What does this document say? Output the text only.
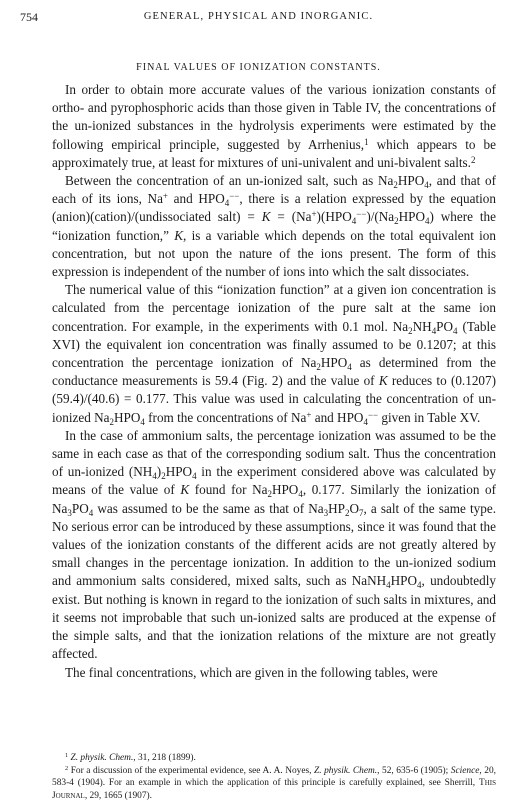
754	GENERAL, PHYSICAL AND INORGANIC.
FINAL VALUES OF IONIZATION CONSTANTS.

In order to obtain more accurate values of the various ionization constants of ortho- and pyrophosphoric acids than those given in Table IV, the concentrations of the un-ionized substances in the hydrolysis experiments were estimated by the following empirical principle, suggested by Arrhenius,$^1$ which appears to be approximately true, at least for mixtures of uni-univalent and uni-bivalent salts.$^2$

Between the concentration of an un-ionized salt, such as $Na_2HPO_4$, and that of each of its ions, Na+ and $HPO_4^{--}$, there is a relation expressed by the equation (anion)(cation)/(undissociated salt) = $K = (Na^+)(HPO_4^{--})/(Na_2HPO_4)$ where the “ionization function,” K, is a variable which depends on the total equivalent ion concentration, but not upon the nature of the ions present. The form of this expression is independent of the number of ions into which the salt dissociates.

The numerical value of this “ionization function” at a given ion concentration is calculated from the percentage ionization of the pure salt at the same ion concentration. For example, in the experiments with 0.1 mol. $Na_2NH_4PO_4$ (Table XVI) the equivalent ion concentration was finally assumed to be 0.1207; at this concentration the percentage ionization of $Na_2HPO_4$ as determined from the conductance measurements is 59.4 (Fig. 2) and the value of K reduces to (0.1207) (59.4)/(40.6) = 0.177. This value was used in calculating the concentration of un-ionized $Na_2HPO_4$ from the concentrations of Na+ and $HPO_4^{--}$ given in Table XV.

In the case of ammonium salts, the percentage ionization was assumed to be the same in each case as that of the corresponding sodium salt. Thus the concentration of un-ionized $(NH_4)_2HPO_4$ in the experiment considered above was calculated by means of the value of K found for $Na_2HPO_4$, 0.177. Similarly the ionization of $Na_3PO_4$ was assumed to be the same as that of $Na_3HP_2O_7$, a salt of the same type. No serious error can be introduced by these assumptions, since it was found that the values of the ionization constants of the different acids are not greatly altered by small changes in the percentage ionization. In addition to the un-ionized sodium and ammonium salts considered, mixed salts, such as $NaNH_4HPO_4$, undoubtedly exist. But nothing is known in regard to the ionization of such salts in mixtures, and it seems not improbable that such un-ionized salts are produced at the expense of the simple salts, and that the ionization relations of the mixture are not greatly affected.

The final concentrations, which are given in the following tables, were

$^1$ Z. physik. Chem., 31, 218 (1899).

$^2$ For a discussion of the experimental evidence, see A. A. Noyes, Z. physik. Chem., 52, 635-6 (1905); Science, 20, 583-4 (1904). For an example in which the application of this principle is carefully explained, see Sherrill, This Journal, 29, 1665 (1907).
